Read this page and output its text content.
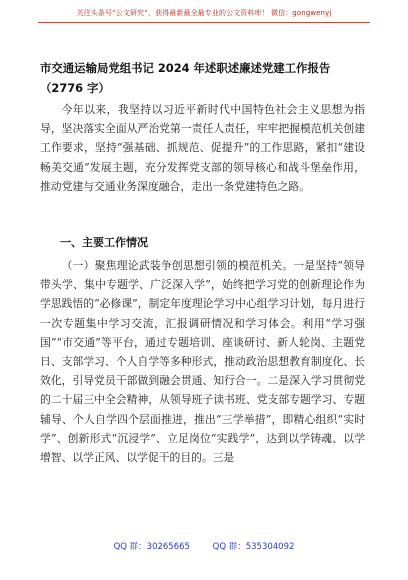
关注头条号“公文研究”，获得最新最全最专业的公文资料库！ 微信：gongwenyj
市交通运输局党组书记 2024 年述职述廉述党建工作报告
（2776 字）
今年以来，我坚持以习近平新时代中国特色社会主义思想为指导，坚决落实全面从严治党第一责任人责任，牢牢把握模范机关创建工作要求，坚持“强基础、抓规范、促提升”的工作思路，紧扣“建设畅美交通”发展主题，充分发挥党支部的领导核心和战斗堡垒作用，推动党建与交通业务深度融合，走出一条党建特色之路。
一、主要工作情况
（一）聚焦理论武装争创思想引领的模范机关。一是坚持“领导带头学、集中专题学、广泛深入学”，始终把学习党的创新理论作为学思践悟的“必修课”，制定年度理论学习中心组学习计划，每月进行一次专题集中学习交流，汇报调研情况和学习体会。利用“学习强国”“市交通”等平台，通过专题培训、座谈研讨、新人轮岗、主题党日、支部学习、个人自学等多种形式，推动政治思想教育制度化、长效化，引导党员干部做到融会贯通、知行合一。二是深入学习贯彻党的二十届三中全会精神，从领导班子读书班、党支部专题学习、专题辅导、个人自学四个层面推进，推出“三学举措”，即精心组织“实时学”、创新形式“沉浸学”、立足岗位“实践学”，达到以学铸魂、以学增智、以学正风、以学促干的目的。三是
QQ 群：30265665	QQ 群：535304092
